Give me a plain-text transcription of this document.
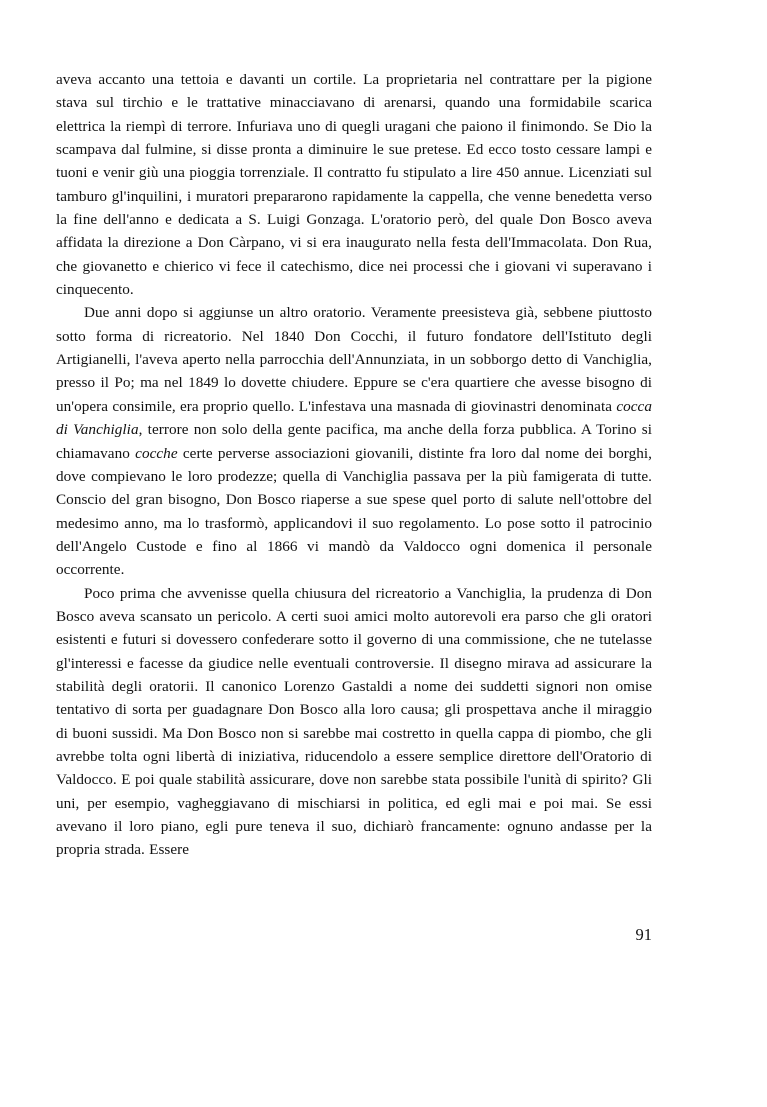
aveva accanto una tettoia e davanti un cortile. La proprietaria nel contrattare per la pigione stava sul tirchio e le trattative minacciavano di arenarsi, quando una formidabile scarica elettrica la riempì di terrore. Infuriava uno di quegli uragani che paiono il finimondo. Se Dio la scampava dal fulmine, si disse pronta a diminuire le sue pretese. Ed ecco tosto cessare lampi e tuoni e venir giù una pioggia torrenziale. Il contratto fu stipulato a lire 450 annue. Licenziati sul tamburo gl'inquilini, i muratori prepararono rapidamente la cappella, che venne benedetta verso la fine dell'anno e dedicata a S. Luigi Gonzaga. L'oratorio però, del quale Don Bosco aveva affidata la direzione a Don Càrpano, vi si era inaugurato nella festa dell'Immacolata. Don Rua, che giovanetto e chierico vi fece il catechismo, dice nei processi che i giovani vi superavano i cinquecento.

Due anni dopo si aggiunse un altro oratorio. Veramente preesisteva già, sebbene piuttosto sotto forma di ricreatorio. Nel 1840 Don Cocchi, il futuro fondatore dell'Istituto degli Artigianelli, l'aveva aperto nella parrocchia dell'Annunziata, in un sobborgo detto di Vanchiglia, presso il Po; ma nel 1849 lo dovette chiudere. Eppure se c'era quartiere che avesse bisogno di un'opera consimile, era proprio quello. L'infestava una masnada di giovinastri denominata cocca di Vanchiglia, terrore non solo della gente pacifica, ma anche della forza pubblica. A Torino si chiamavano cocche certe perverse associazioni giovanili, distinte fra loro dal nome dei borghi, dove compievano le loro prodezze; quella di Vanchiglia passava per la più famigerata di tutte. Conscio del gran bisogno, Don Bosco riaperse a sue spese quel porto di salute nell'ottobre del medesimo anno, ma lo trasformò, applicandovi il suo regolamento. Lo pose sotto il patrocinio dell'Angelo Custode e fino al 1866 vi mandò da Valdocco ogni domenica il personale occorrente.

Poco prima che avvenisse quella chiusura del ricreatorio a Vanchiglia, la prudenza di Don Bosco aveva scansato un pericolo. A certi suoi amici molto autorevoli era parso che gli oratori esistenti e futuri si dovessero confederare sotto il governo di una commissione, che ne tutelasse gl'interessi e facesse da giudice nelle eventuali controversie. Il disegno mirava ad assicurare la stabilità degli oratorii. Il canonico Lorenzo Gastaldi a nome dei suddetti signori non omise tentativo di sorta per guadagnare Don Bosco alla loro causa; gli prospettava anche il miraggio di buoni sussidi. Ma Don Bosco non si sarebbe mai costretto in quella cappa di piombo, che gli avrebbe tolta ogni libertà di iniziativa, riducendolo a essere semplice direttore dell'Oratorio di Valdocco. E poi quale stabilità assicurare, dove non sarebbe stata possibile l'unità di spirito? Gli uni, per esempio, vagheggiavano di mischiarsi in politica, ed egli mai e poi mai. Se essi avevano il loro piano, egli pure teneva il suo, dichiarò francamente: ognuno andasse per la propria strada. Essere

91
